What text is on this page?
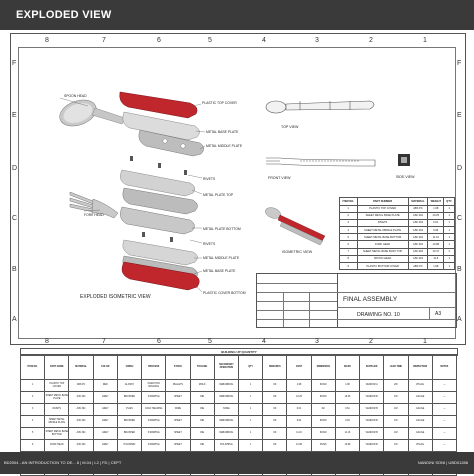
EXPLODED VIEW
8	7	6	5	4	3	2	1
8	7	6	5	4	3	2	1
F
E
D
C
B
A
F
E
D
C
B
A
SPOON HEAD
PLASTIC TOP COVER
METAL BASE PLATE
METAL MIDDLE PLATE
RIVETS
FORK HEAD
METAL PLATE TOP
METAL PLATE BOTTOM
RIVETS
METAL MIDDLE PLATE
METAL BASE PLATE
PLASTIC COVER BOTTOM
EXPLODED ISOMETRIC VIEW
TOP VIEW
FRONT VIEW	SIDE VIEW
ISOMETRIC VIEW
ITEM NO.	PART NUMBER	MATERIAL	WEIGHT	QTY.
1	PLASTIC TOP COVER	ABS PC	1.98	1
2	SHEET METAL BASE PLATE	AISI 304	10.25	1
3	RIVETS	AISI 304	0.61	1
4	SHEET METAL MIDDLE PLATE	AISI 304	9.94	1
5	SHEET METAL BASE BOTTOM	AISI 304	11.16	1
6	FORK HEAD	AISI 304	10.98	1
7	SHEET METAL BASE BODY TOP	AISI 304	13.47	1
8	SPOON HEAD	AISI 304	11.5	1
9	PLASTIC BOTTOM COVER	ABS PC	1.98	1
FINAL ASSEMBLY
DRAWING NO. 10	A3
BUILDING UP QUANTITY
ITEM NO.	PART NAME	MATERIAL	COLOR	FINISH	PROCESS	STOCK	TOOLING	SECONDARY OPERATION	QTY	REMARKS	COST	DIMENSION	MASS	SUPPLIER	LEAD TIME	INSPECTION	NOTES
1	PLASTIC TOP COVER	ABS PC	RED	GLOSSY	INJECTION MOLDING	PELLETS	MOLD	DEBURRING	1	OK	1.98	60X20	1.98	VENDOR A	2W	VISUAL	—
2	SHEET METAL BASE PLATE	AISI 304	GREY	BRUSHED	STAMPING	SHEET	DIE	DEBURRING	1	OK	10.25	60X20	10.25	VENDOR B	1W	GAUGE	—
3	RIVETS	AISI 304	GREY	PLAIN	COLD HEADING	WIRE	DIE	NONE	1	OK	0.61	D2	0.61	VENDOR B	1W	GAUGE	—
4	SHEET METAL MIDDLE PLATE	AISI 304	GREY	BRUSHED	STAMPING	SHEET	DIE	DEBURRING	1	OK	9.94	60X20	9.94	VENDOR B	1W	GAUGE	—
5	SHEET METAL BASE BOTTOM	AISI 304	GREY	BRUSHED	STAMPING	SHEET	DIE	DEBURRING	1	OK	11.16	60X20	11.16	VENDOR B	1W	GAUGE	—
6	FORK HEAD	AISI 304	GREY	POLISHED	STAMPING	SHEET	DIE	POLISHING	1	OK	10.98	45X20	10.98	VENDOR B	1W	VISUAL	—

BD2004 - AN INTRODUCTION TO DE... 8 | M.04 | L2 | FD | CEPT	NANDINI SONI | UBD01288
